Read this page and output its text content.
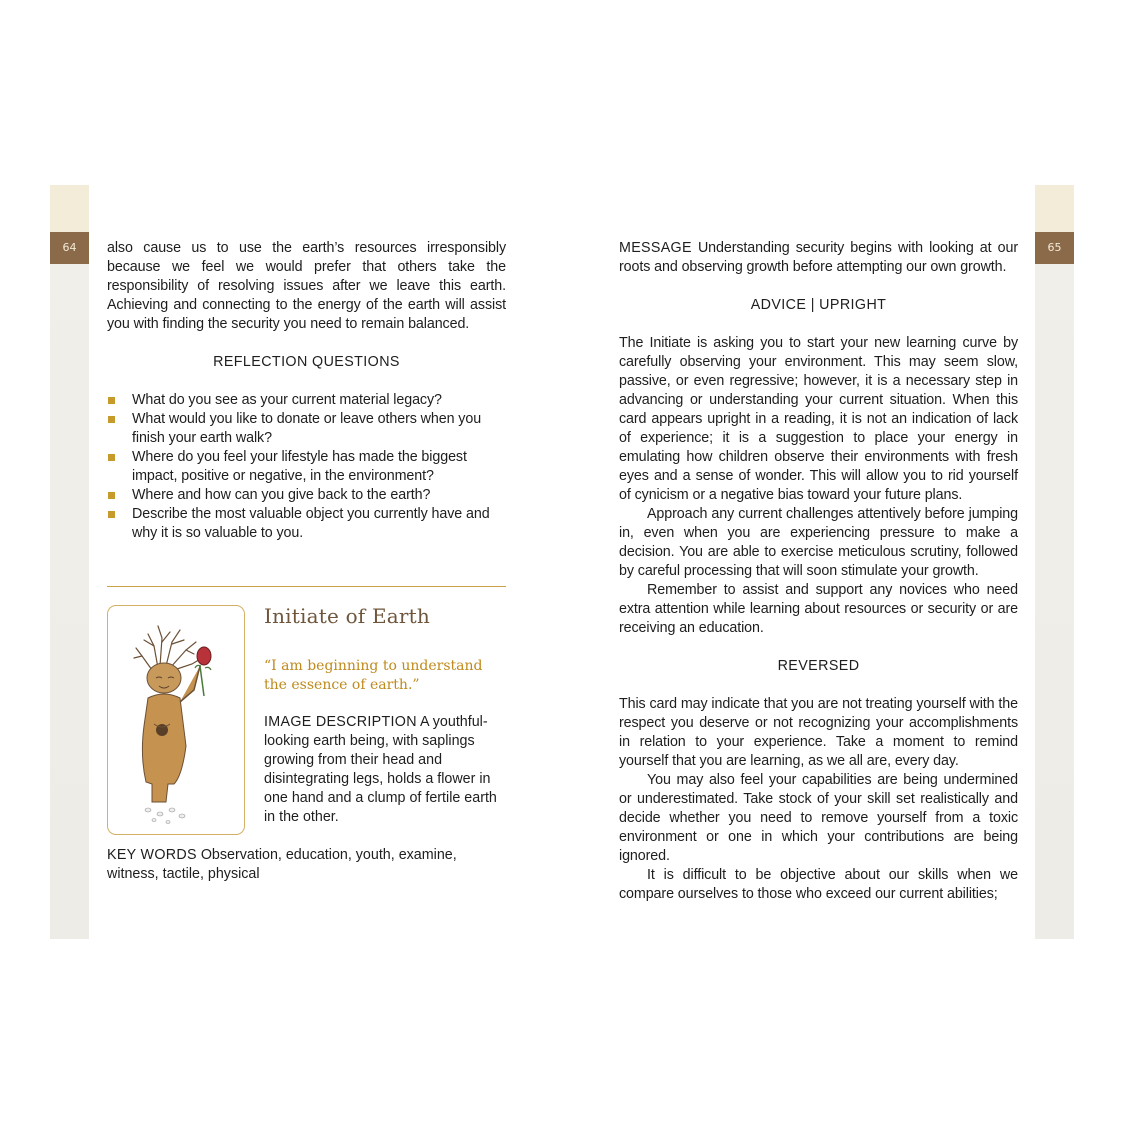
64	65

also cause us to use the earth’s resources irresponsibly because we feel we would prefer that others take the responsibility of resolving issues after we leave this earth. Achieving and connecting to the energy of the earth will assist you with finding the security you need to remain balanced.

REFLECTION QUESTIONS
What do you see as your current material legacy?
What would you like to donate or leave others when you finish your earth walk?
Where do you feel your lifestyle has made the biggest impact, positive or negative, in the environment?
Where and how can you give back to the earth?
Describe the most valuable object you currently have and why it is so valuable to you.
Initiate of Earth
“I am beginning to understand the essence of earth.”
IMAGE DESCRIPTION A youthful-looking earth being, with saplings growing from their head and disintegrating legs, holds a flower in one hand and a clump of fertile earth in the other.
KEY WORDS Observation, education, youth, examine, witness, tactile, physical

MESSAGE Understanding security begins with looking at our roots and observing growth before attempting our own growth.

ADVICE | UPRIGHT

The Initiate is asking you to start your new learning curve by carefully observing your environment. This may seem slow, passive, or even regressive; however, it is a necessary step in advancing or understanding your current situation. When this card appears upright in a reading, it is not an indication of lack of experience; it is a suggestion to place your energy in emulating how children observe their environments with fresh eyes and a sense of wonder. This will allow you to rid yourself of cynicism or a negative bias toward your future plans.

Approach any current challenges attentively before jumping in, even when you are experiencing pressure to make a decision. You are able to exercise meticulous scrutiny, followed by careful processing that will soon stimulate your growth.

Remember to assist and support any novices who need extra attention while learning about resources or security or are receiving an education.

REVERSED

This card may indicate that you are not treating yourself with the respect you deserve or not recognizing your accomplishments in relation to your experience. Take a moment to remind yourself that you are learning, as we all are, every day.

You may also feel your capabilities are being undermined or underestimated. Take stock of your skill set realistically and decide whether you need to remove yourself from a toxic environment or one in which your contributions are being ignored.

It is difficult to be objective about our skills when we compare ourselves to those who exceed our current abilities;
